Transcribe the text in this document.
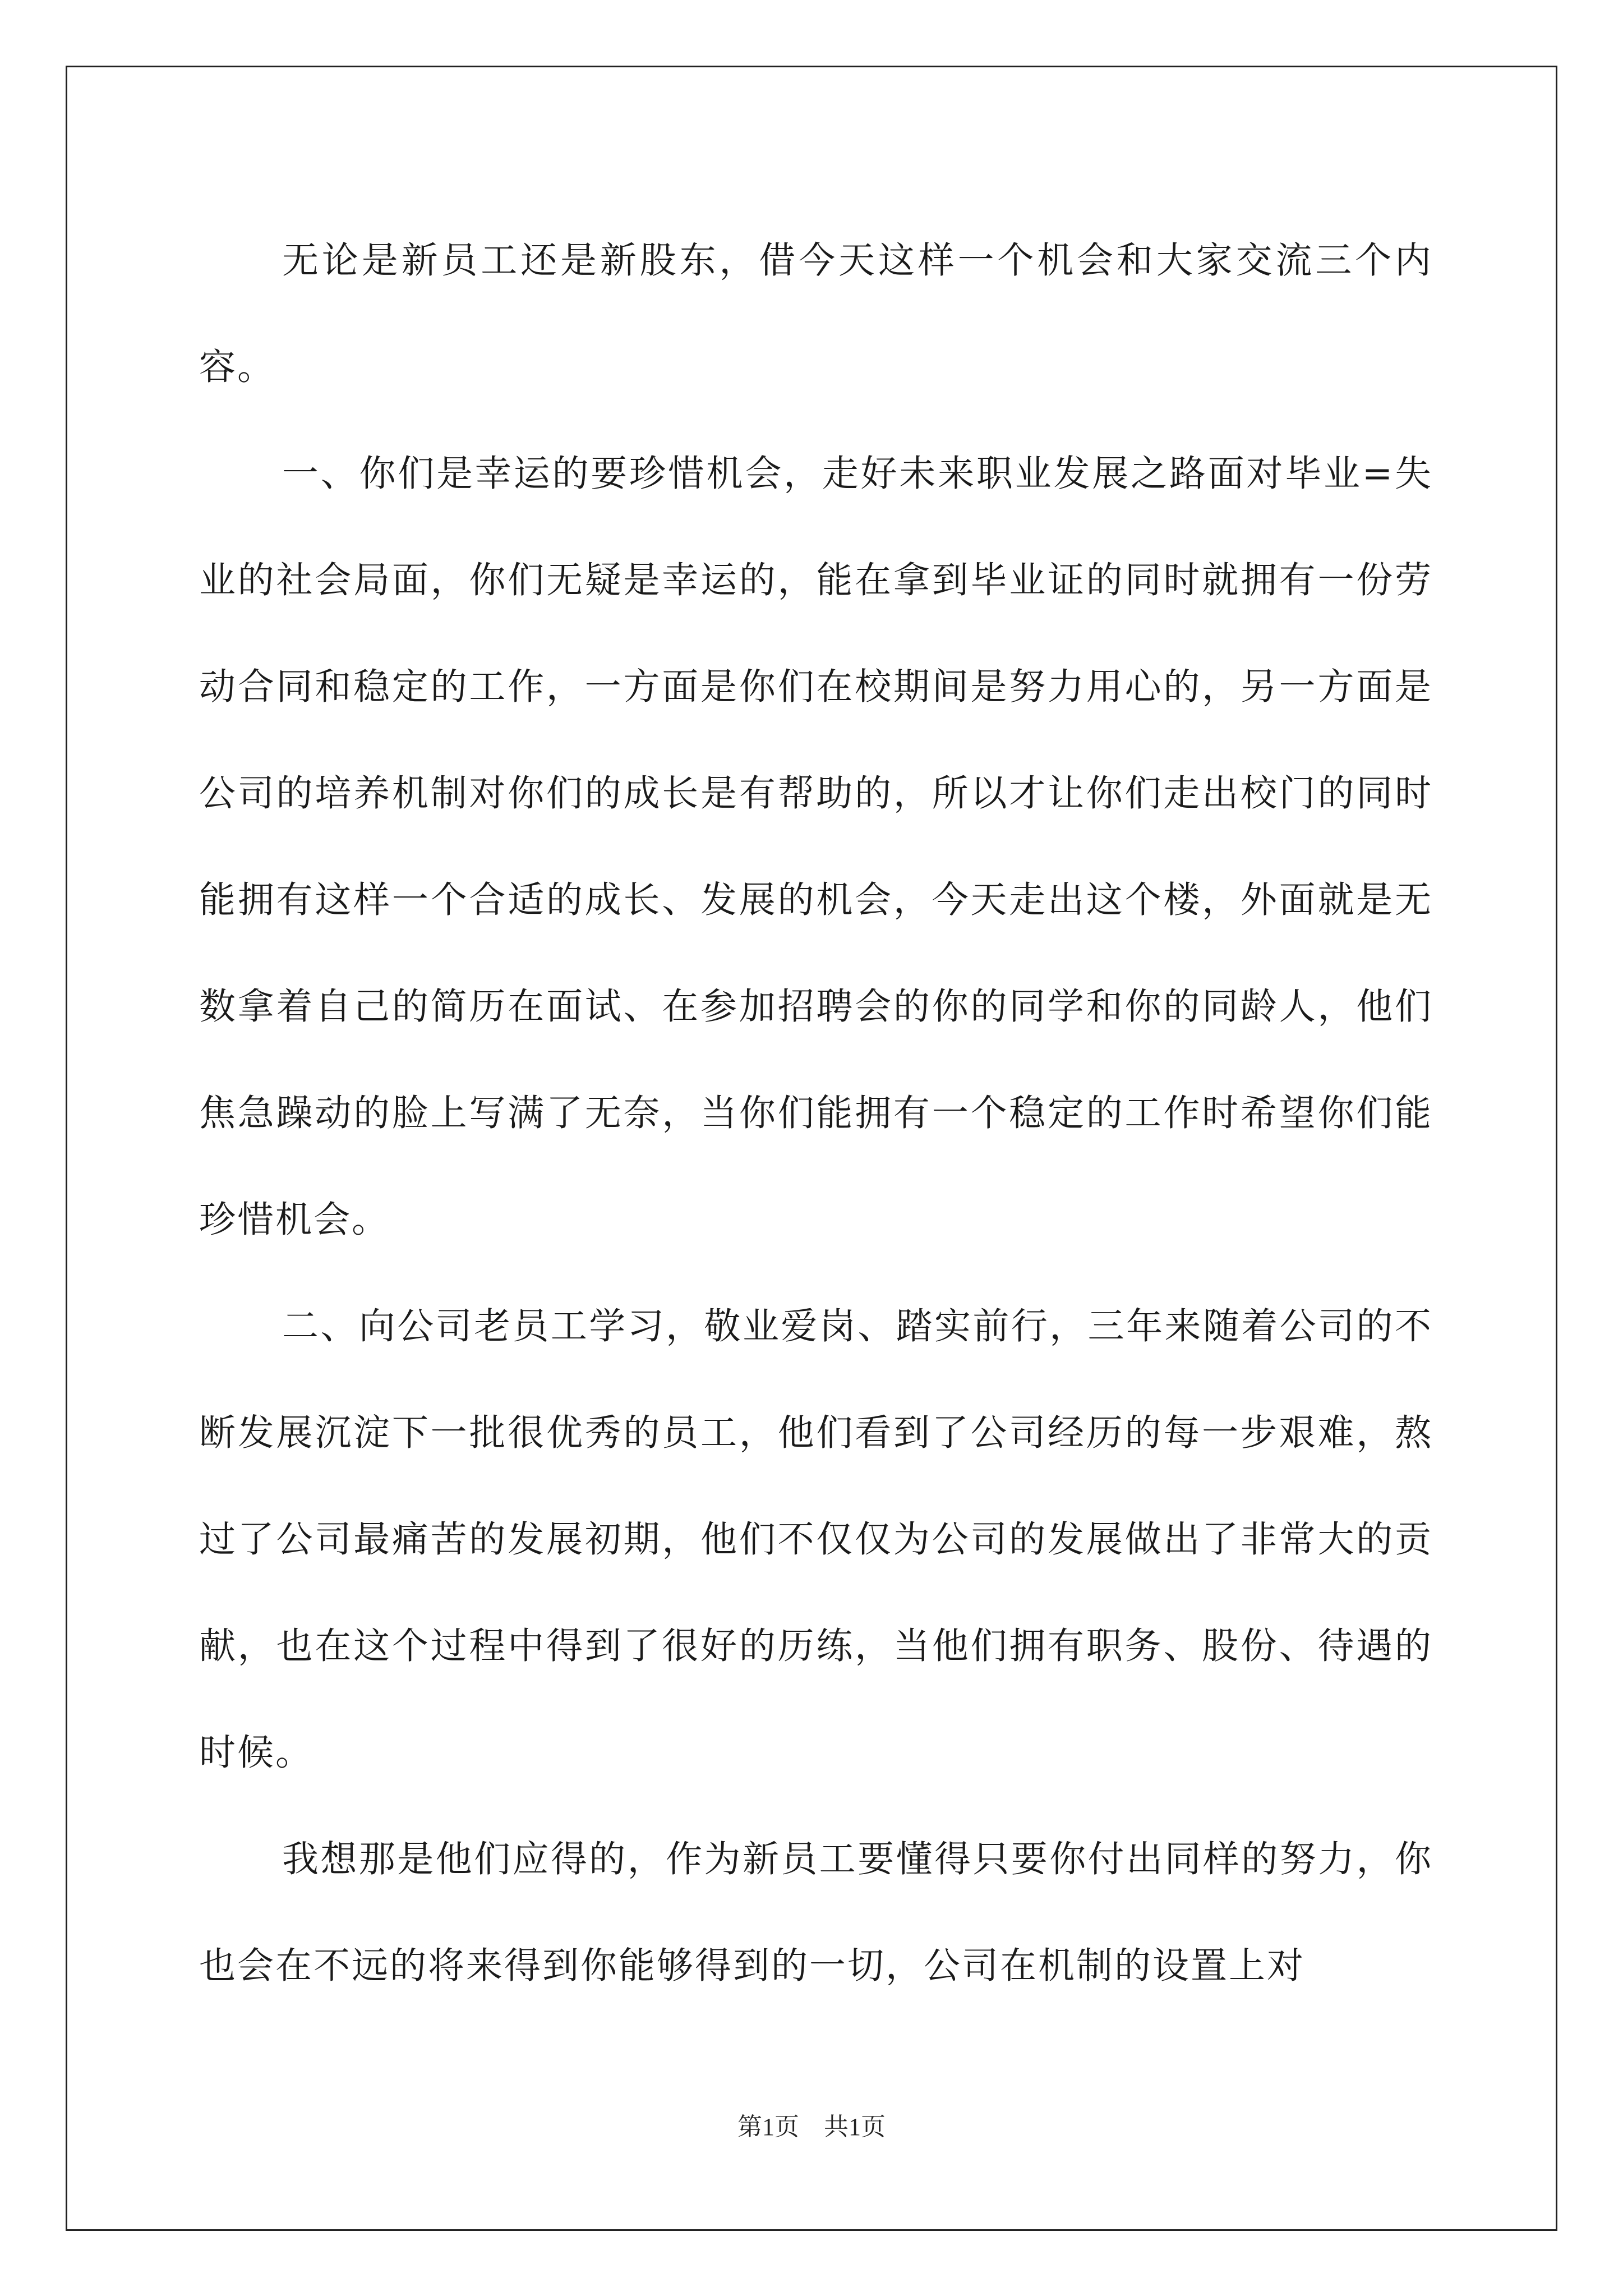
无论是新员工还是新股东，借今天这样一个机会和大家交流三个内容。

一、你们是幸运的要珍惜机会，走好未来职业发展之路面对毕业=失业的社会局面，你们无疑是幸运的，能在拿到毕业证的同时就拥有一份劳动合同和稳定的工作，一方面是你们在校期间是努力用心的，另一方面是公司的培养机制对你们的成长是有帮助的，所以才让你们走出校门的同时能拥有这样一个合适的成长、发展的机会，今天走出这个楼，外面就是无数拿着自己的简历在面试、在参加招聘会的你的同学和你的同龄人，他们焦急躁动的脸上写满了无奈，当你们能拥有一个稳定的工作时希望你们能珍惜机会。

二、向公司老员工学习，敬业爱岗、踏实前行，三年来随着公司的不断发展沉淀下一批很优秀的员工，他们看到了公司经历的每一步艰难，熬过了公司最痛苦的发展初期，他们不仅仅为公司的发展做出了非常大的贡献，也在这个过程中得到了很好的历练，当他们拥有职务、股份、待遇的时候。

我想那是他们应得的，作为新员工要懂得只要你付出同样的努力，你也会在不远的将来得到你能够得到的一切，公司在机制的设置上对

第1页 共1页
